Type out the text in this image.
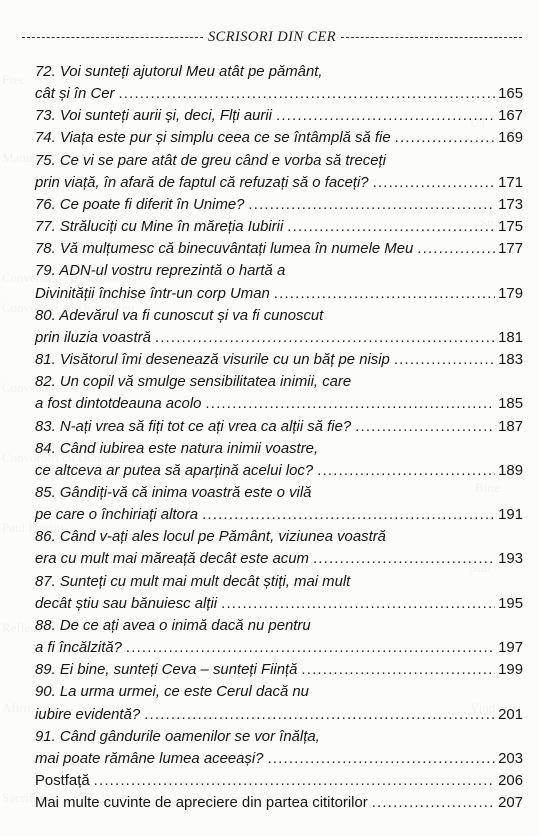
SCRISORI DIN CER
72. Voi sunteți ajutorul Meu atât pe pământ,
cât și în Cer .....	165
73. Voi sunteți aurii și, deci, Flți aurii .....	167
74. Viața este pur și simplu ceea ce se întâmplă să fie .....	169
75. Ce vi se pare atât de greu când e vorba să treceți
prin viață, în afară de faptul că refuzați să o faceți? .....	171
76. Ce poate fi diferit în Unime? .....	173
77. Străluciți cu Mine în măreția Iubirii .....	175
78. Vă mulțumesc că binecuvântați lumea în numele Meu .....	177
79. ADN-ul vostru reprezintă o hartă a
Divinității închise într-un corp Uman .....	179
80. Adevărul va fi cunoscut și va fi cunoscut
prin iluzia voastră .....	181
81. Visătorul îmi desenează visurile cu un băț pe nisip .....	183
82. Un copil vă smulge sensibilitatea inimii, care
a fost dintotdeauna acolo .....	185
83. N-ați vrea să fiți tot ce ați vrea ca alții să fie? .....	187
84. Când iubirea este natura inimii voastre,
ce altceva ar putea să aparțină acelui loc? .....	189
85. Gândiți-vă că inima voastră este o vilă
pe care o închiriați altora .....	191
86. Când v-ați ales locul pe Pământ, viziunea voastră
era cu mult mai măreață decât este acum .....	193
87. Sunteți cu mult mai mult decât știți, mai mult
decât știu sau bănuiesc alții .....	195
88. De ce ați avea o inimă dacă nu pentru
a fi încălzită? .....	197
89. Ei bine, sunteți Ceva – sunteți Ființă .....	199
90. La urma urmei, ce este Cerul dacă nu
iubire evidentă? .....	201
91. Când gândurile oamenilor se vor înălța,
mai poate rămâne lumea aceeași? .....	203
Postfață .....	206
Mai multe cuvinte de apreciere din partea cititorilor .....	207
